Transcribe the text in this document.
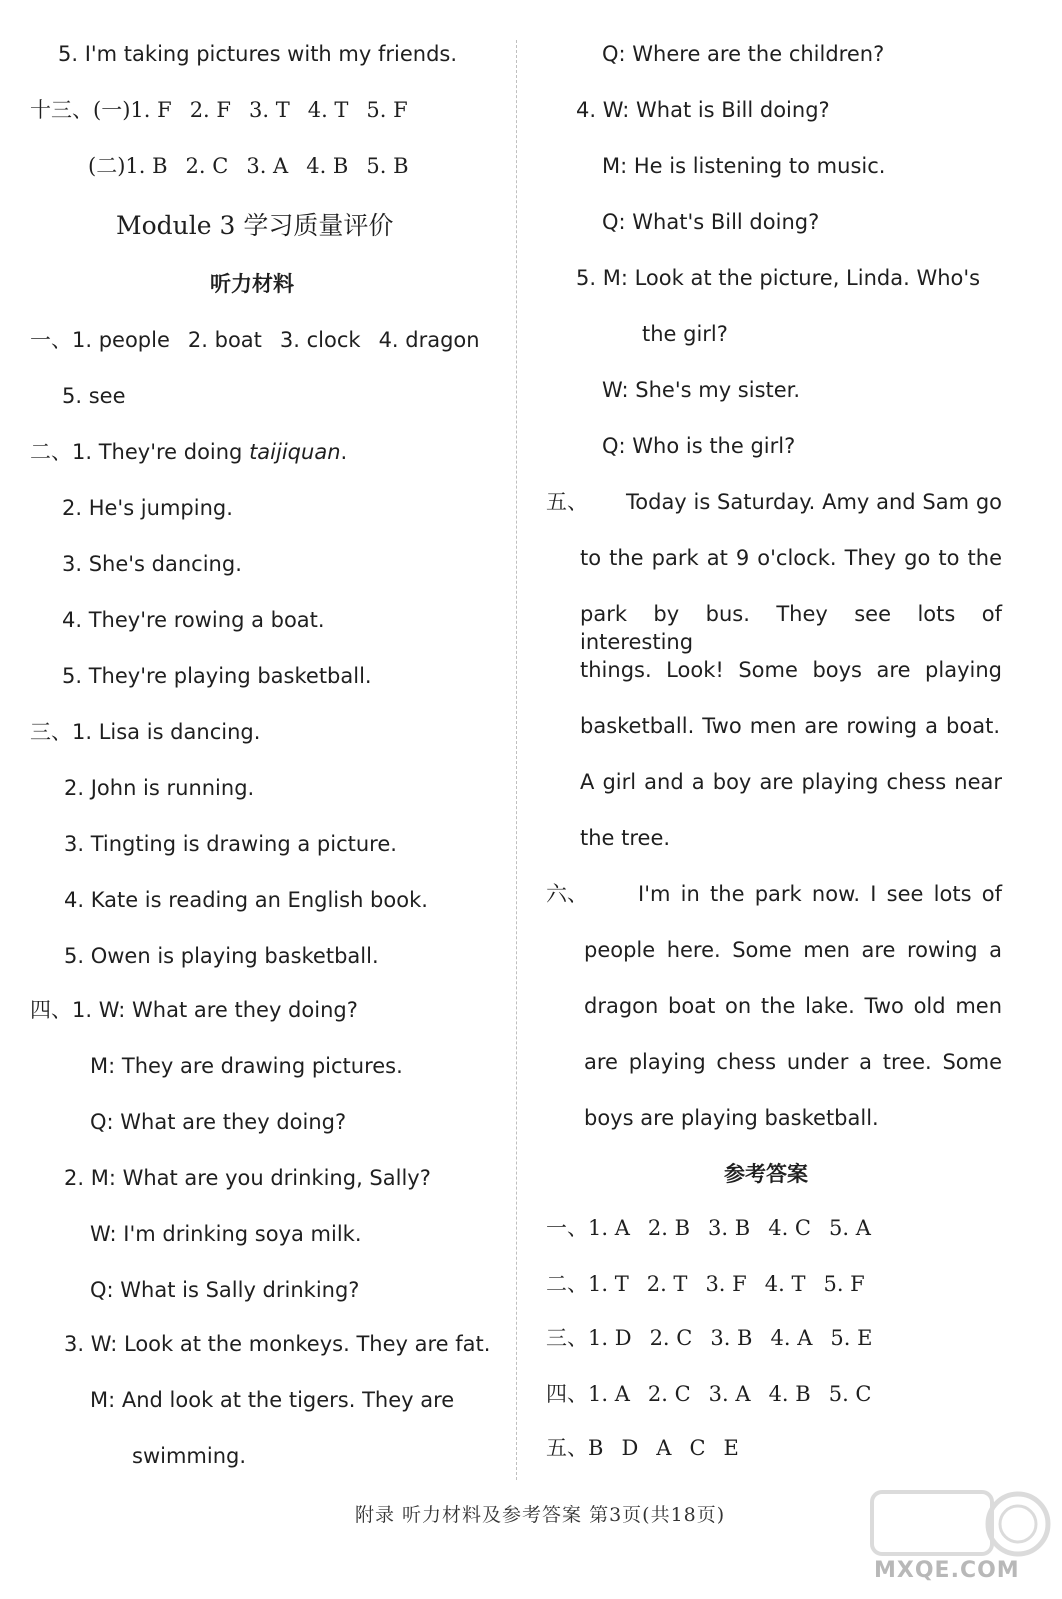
5. I'm taking pictures with my friends.
十三、(一)1. F 2. F 3. T 4. T 5. F
(二)1. B 2. C 3. A 4. B 5. B
Module 3 学习质量评价
听力材料
一、1. people 2. boat 3. clock 4. dragon
5. see
二、1. They're doing taijiquan.
2. He's jumping.
3. She's dancing.
4. They're rowing a boat.
5. They're playing basketball.
三、1. Lisa is dancing.
2. John is running.
3. Tingting is drawing a picture.
4. Kate is reading an English book.
5. Owen is playing basketball.
四、1. W: What are they doing?
M: They are drawing pictures.
Q: What are they doing?
2. M: What are you drinking, Sally?
W: I'm drinking soya milk.
Q: What is Sally drinking?
3. W: Look at the monkeys. They are fat.
M: And look at the tigers. They are
swimming.
Q: Where are the children?
4. W: What is Bill doing?
M: He is listening to music.
Q: What's Bill doing?
5. M: Look at the picture, Linda. Who's
the girl?
W: She's my sister.
Q: Who is the girl?
五、 Today is Saturday. Amy and Sam go
to the park at 9 o'clock. They go to the
park by bus. They see lots of interesting
things. Look! Some boys are playing
basketball. Two men are rowing a boat.
A girl and a boy are playing chess near
the tree.
六、 I'm in the park now. I see lots of
people here. Some men are rowing a
dragon boat on the lake. Two old men
are playing chess under a tree. Some
boys are playing basketball.
参考答案
一、1. A 2. B 3. B 4. C 5. A
二、1. T 2. T 3. F 4. T 5. F
三、1. D 2. C 3. B 4. A 5. E
四、1. A 2. C 3. A 4. B 5. C
五、B D A C E
附录 听力材料及参考答案 第3页(共18页)
MXQE.COM
